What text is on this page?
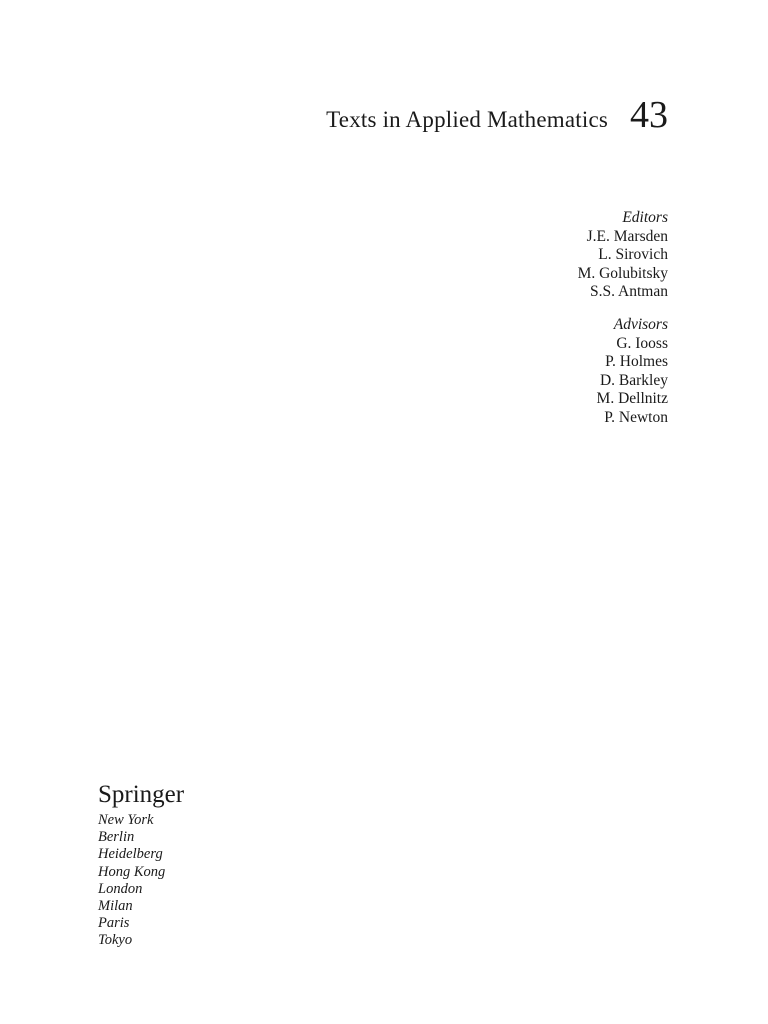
Texts in Applied Mathematics 43
Editors
J.E. Marsden
L. Sirovich
M. Golubitsky
S.S. Antman
Advisors
G. Iooss
P. Holmes
D. Barkley
M. Dellnitz
P. Newton
Springer
New York
Berlin
Heidelberg
Hong Kong
London
Milan
Paris
Tokyo
